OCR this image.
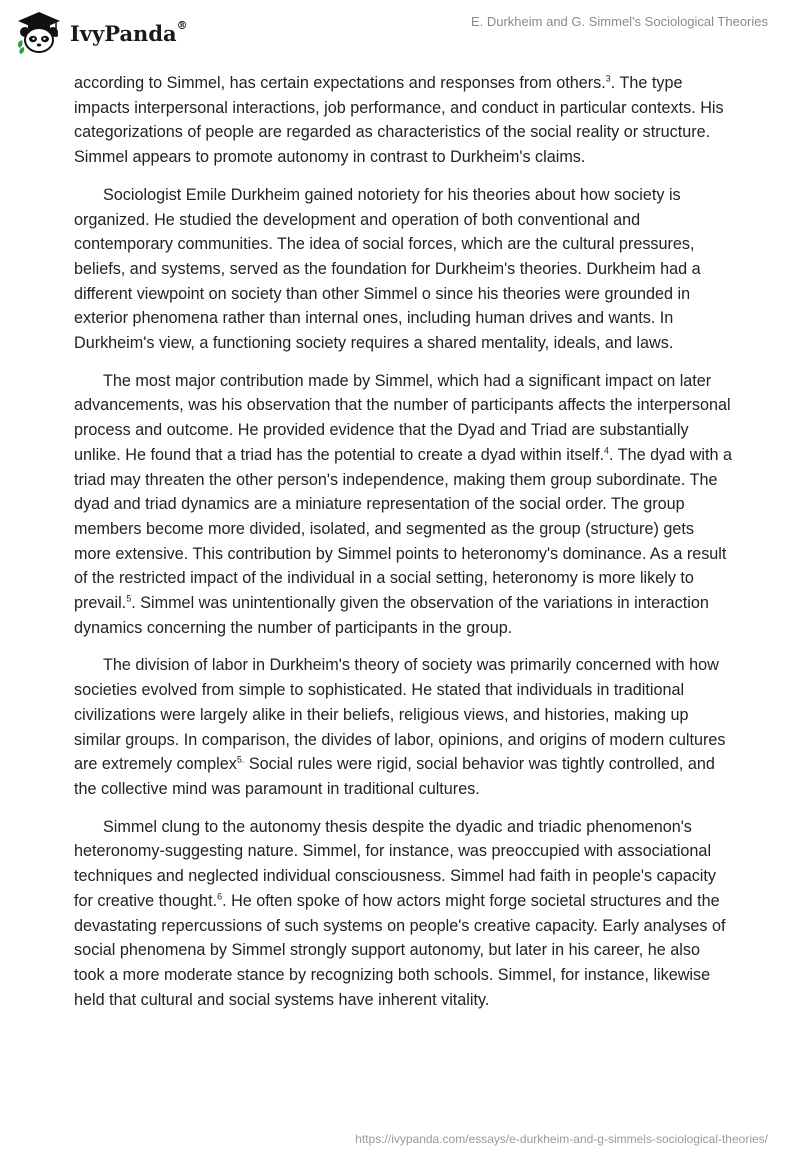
IvyPanda®	E. Durkheim and G. Simmel's Sociological Theories

according to Simmel, has certain expectations and responses from others.$^3$. The type impacts interpersonal interactions, job performance, and conduct in particular contexts. His categorizations of people are regarded as characteristics of the social reality or structure. Simmel appears to promote autonomy in contrast to Durkheim's claims.

Sociologist Emile Durkheim gained notoriety for his theories about how society is organized. He studied the development and operation of both conventional and contemporary communities. The idea of social forces, which are the cultural pressures, beliefs, and systems, served as the foundation for Durkheim's theories. Durkheim had a different viewpoint on society than other Simmel o since his theories were grounded in exterior phenomena rather than internal ones, including human drives and wants. In Durkheim's view, a functioning society requires a shared mentality, ideals, and laws.

The most major contribution made by Simmel, which had a significant impact on later advancements, was his observation that the number of participants affects the interpersonal process and outcome. He provided evidence that the Dyad and Triad are substantially unlike. He found that a triad has the potential to create a dyad within itself.$^4$. The dyad with a triad may threaten the other person's independence, making them group subordinate. The dyad and triad dynamics are a miniature representation of the social order. The group members become more divided, isolated, and segmented as the group (structure) gets more extensive. This contribution by Simmel points to heteronomy's dominance. As a result of the restricted impact of the individual in a social setting, heteronomy is more likely to prevail.$^5$. Simmel was unintentionally given the observation of the variations in interaction dynamics concerning the number of participants in the group.

The division of labor in Durkheim's theory of society was primarily concerned with how societies evolved from simple to sophisticated. He stated that individuals in traditional civilizations were largely alike in their beliefs, religious views, and histories, making up similar groups. In comparison, the divides of labor, opinions, and origins of modern cultures are extremely complex$^{5.}$ Social rules were rigid, social behavior was tightly controlled, and the collective mind was paramount in traditional cultures.

Simmel clung to the autonomy thesis despite the dyadic and triadic phenomenon's heteronomy-suggesting nature. Simmel, for instance, was preoccupied with associational techniques and neglected individual consciousness. Simmel had faith in people's capacity for creative thought.$^6$. He often spoke of how actors might forge societal structures and the devastating repercussions of such systems on people's creative capacity. Early analyses of social phenomena by Simmel strongly support autonomy, but later in his career, he also took a more moderate stance by recognizing both schools. Simmel, for instance, likewise held that cultural and social systems have inherent vitality.

https://ivypanda.com/essays/e-durkheim-and-g-simmels-sociological-theories/
